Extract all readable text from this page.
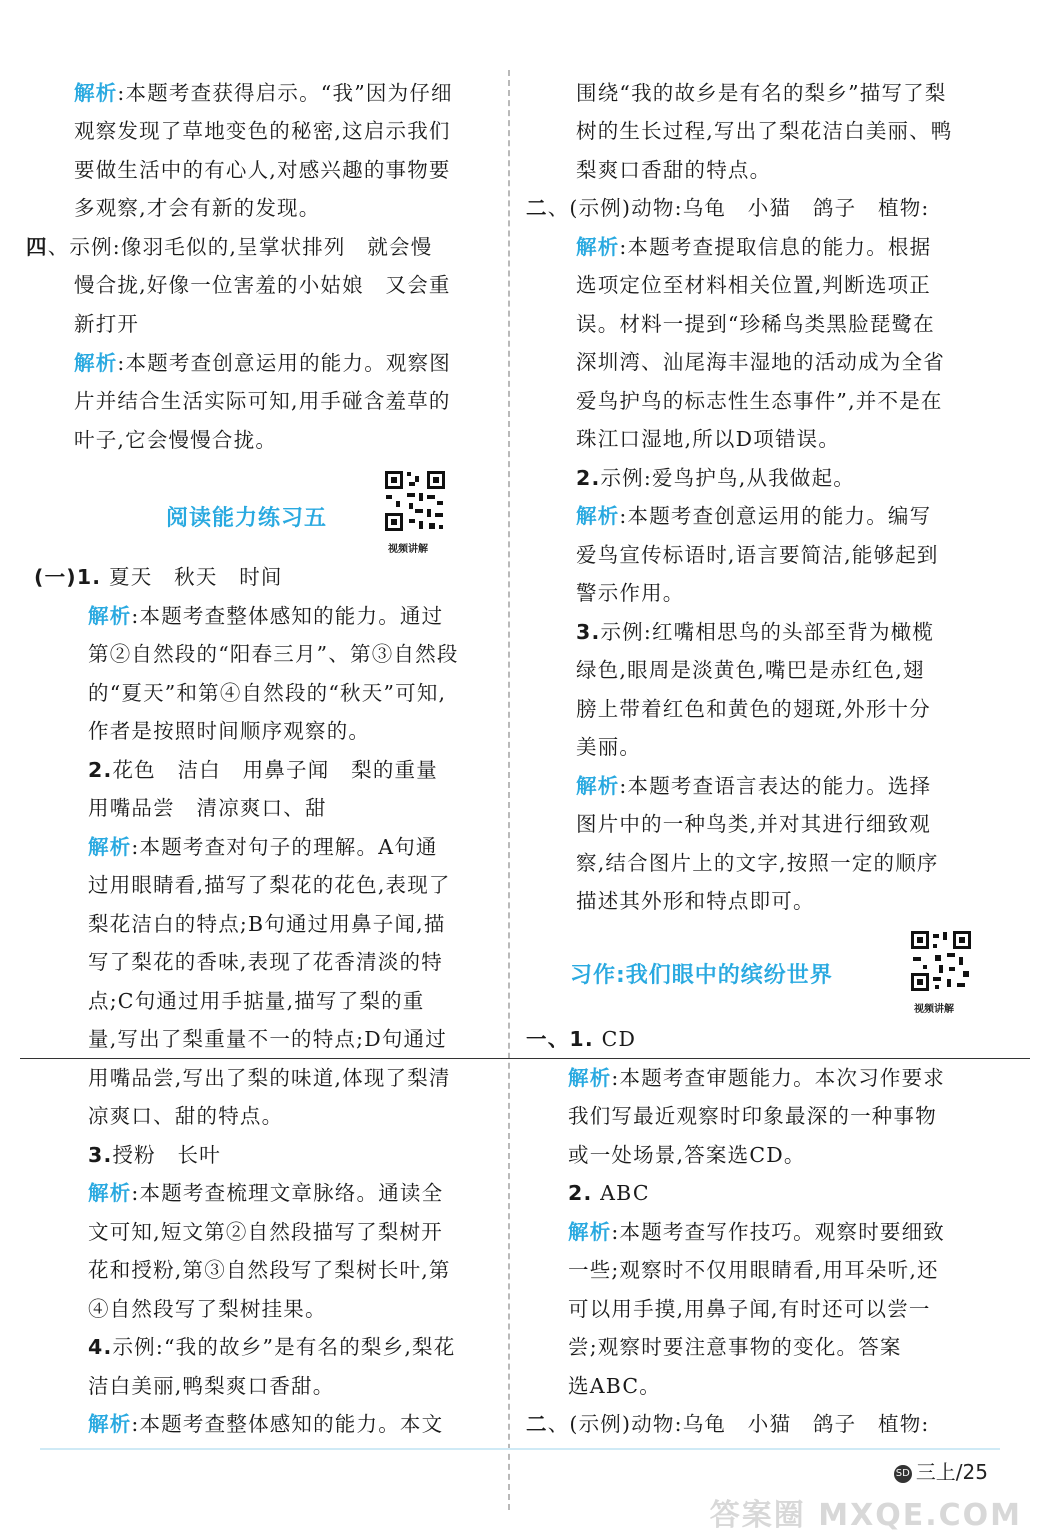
解析:本题考查获得启示。“我”因为仔细
观察发现了草地变色的秘密,这启示我们
要做生活中的有心人,对感兴趣的事物要
多观察,才会有新的发现。
四、示例:像羽毛似的,呈掌状排列　就会慢
慢合拢,好像一位害羞的小姑娘　又会重
新打开
解析:本题考查创意运用的能力。观察图
片并结合生活实际可知,用手碰含羞草的
叶子,它会慢慢合拢。
阅读能力练习五
视频讲解
(一)1. 夏天　秋天　时间
解析:本题考查整体感知的能力。通过
第②自然段的“阳春三月”、第③自然段
的“夏天”和第④自然段的“秋天”可知,
作者是按照时间顺序观察的。
2.花色　洁白　用鼻子闻　梨的重量
用嘴品尝　清凉爽口、甜
解析:本题考查对句子的理解。A句通
过用眼睛看,描写了梨花的花色,表现了
梨花洁白的特点;B句通过用鼻子闻,描
写了梨花的香味,表现了花香清淡的特
点;C句通过用手掂量,描写了梨的重
量,写出了梨重量不一的特点;D句通过
用嘴品尝,写出了梨的味道,体现了梨清
凉爽口、甜的特点。
3.授粉　长叶
解析:本题考查梳理文章脉络。通读全
文可知,短文第②自然段描写了梨树开
花和授粉,第③自然段写了梨树长叶,第
④自然段写了梨树挂果。
4.示例:“我的故乡”是有名的梨乡,梨花
洁白美丽,鸭梨爽口香甜。
解析:本题考查整体感知的能力。本文
围绕“我的故乡是有名的梨乡”描写了梨
树的生长过程,写出了梨花洁白美丽、鸭
梨爽口香甜的特点。
二、(示例)动物:乌龟　小猫　鸽子　植物:
解析:本题考查提取信息的能力。根据
选项定位至材料相关位置,判断选项正
误。材料一提到“珍稀鸟类黑脸琵鹭在
深圳湾、汕尾海丰湿地的活动成为全省
爱鸟护鸟的标志性生态事件”,并不是在
珠江口湿地,所以D项错误。
2.示例:爱鸟护鸟,从我做起。
解析:本题考查创意运用的能力。编写
爱鸟宣传标语时,语言要简洁,能够起到
警示作用。
3.示例:红嘴相思鸟的头部至背为橄榄
绿色,眼周是淡黄色,嘴巴是赤红色,翅
膀上带着红色和黄色的翅斑,外形十分
美丽。
解析:本题考查语言表达的能力。选择
图片中的一种鸟类,并对其进行细致观
察,结合图片上的文字,按照一定的顺序
描述其外形和特点即可。
习作:我们眼中的缤纷世界
视频讲解
一、1. CD
解析:本题考查审题能力。本次习作要求
我们写最近观察时印象最深的一种事物
或一处场景,答案选CD。
2. ABC
解析:本题考查写作技巧。观察时要细致
一些;观察时不仅用眼睛看,用耳朵听,还
可以用手摸,用鼻子闻,有时还可以尝一
尝;观察时要注意事物的变化。答案
选ABC。
二、(示例)动物:乌龟　小猫　鸽子　植物:
SD 三上/25
答案圈 MXQE.COM
